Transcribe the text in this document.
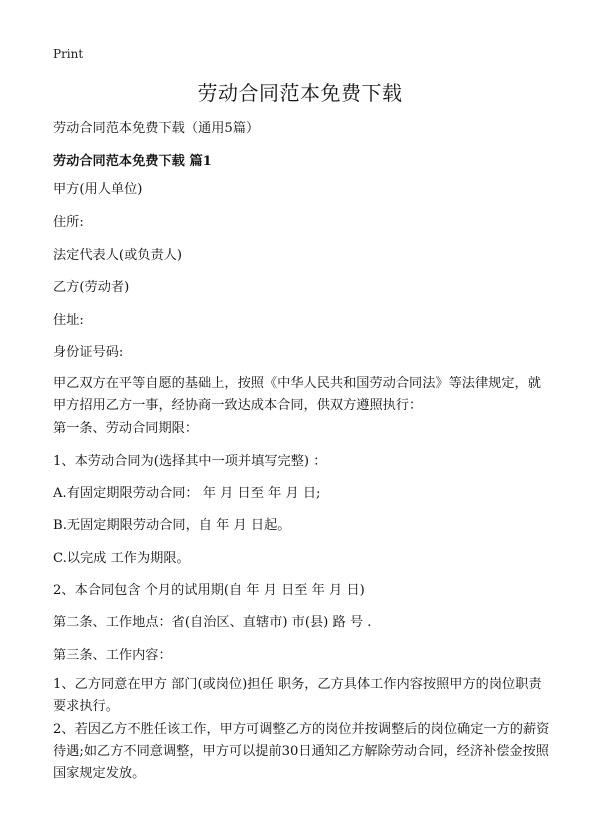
Print
劳动合同范本免费下载
劳动合同范本免费下载（通用5篇）
劳动合同范本免费下载 篇1
甲方(用人单位)
住所:
法定代表人(或负责人)
乙方(劳动者)
住址:
身份证号码:
甲乙双方在平等自愿的基础上，按照《中华人民共和国劳动合同法》等法律规定，就甲方招用乙方一事，经协商一致达成本合同，供双方遵照执行：
第一条、劳动合同期限：
1、本劳动合同为(选择其中一项并填写完整) ：
A.有固定期限劳动合同： 年 月 日至 年 月 日;
B.无固定期限劳动合同，自 年 月 日起。
C.以完成 工作为期限。
2、本合同包含 个月的试用期(自 年 月 日至 年 月 日)
第二条、工作地点：省(自治区、直辖市) 市(县) 路 号 .
第三条、工作内容：
1、乙方同意在甲方 部门(或岗位)担任 职务，乙方具体工作内容按照甲方的岗位职责要求执行。
2、若因乙方不胜任该工作，甲方可调整乙方的岗位并按调整后的岗位确定一方的薪资待遇;如乙方不同意调整，甲方可以提前30日通知乙方解除劳动合同，经济补偿金按照国家规定发放。
